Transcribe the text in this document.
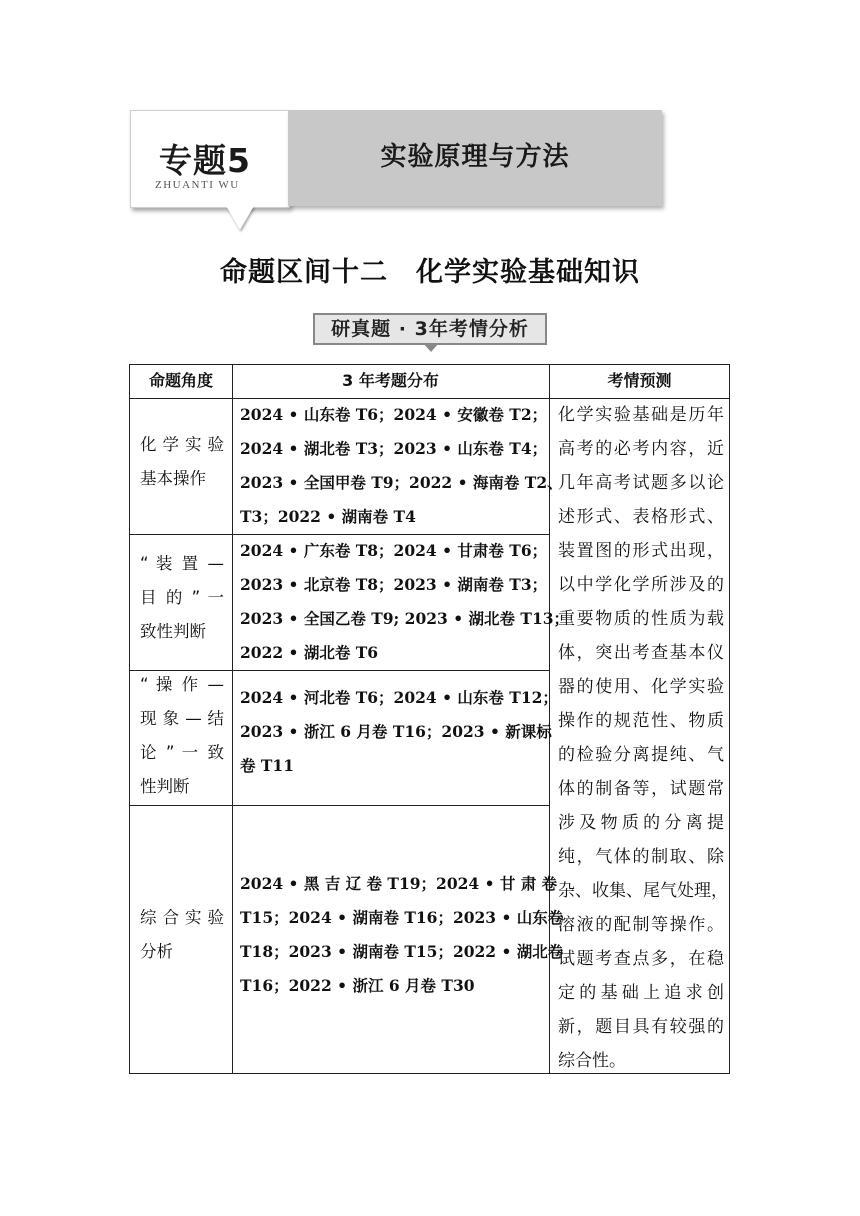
专题5
ZHUANTI WU
实验原理与方法
命题区间十二　化学实验基础知识
研真题 · 3年考情分析
命题角度	3 年考题分布	考情预测
化 学 实 验
基本操作
2024 • 山东卷 T6；2024 • 安徽卷 T2；
2024 • 湖北卷 T3；2023 • 山东卷 T4；
2023 • 全国甲卷 T9；2022 • 海南卷 T2、
T3；2022 • 湖南卷 T4
“ 装 置 —
目 的 ” 一
致性判断
2024 • 广东卷 T8；2024 • 甘肃卷 T6；
2023 • 北京卷 T8；2023 • 湖南卷 T3；
2023 • 全国乙卷 T9; 2023 • 湖北卷 T13；
2022 • 湖北卷 T6
“ 操 作 —
现 象 — 结
论 ” 一 致
性判断
2024 • 河北卷 T6；2024 • 山东卷 T12；
2023 • 浙江 6 月卷 T16；2023 • 新课标
卷 T11
综 合 实 验
分析
2024 • 黑 吉 辽 卷 T19；2024 • 甘 肃 卷
T15；2024 • 湖南卷 T16；2023 • 山东卷
T18；2023 • 湖南卷 T15；2022 • 湖北卷
T16；2022 • 浙江 6 月卷 T30
化学实验基础是历年
高考的必考内容，近
几年高考试题多以论
述形式、表格形式、
装置图的形式出现，
以中学化学所涉及的
重要物质的性质为载
体，突出考查基本仪
器的使用、化学实验
操作的规范性、物质
的检验分离提纯、气
体的制备等，试题常
涉及物质的分离提
纯，气体的制取、除
杂、收集、尾气处理，
溶液的配制等操作。
试题考查点多，在稳
定的基础上追求创
新，题目具有较强的
综合性。
